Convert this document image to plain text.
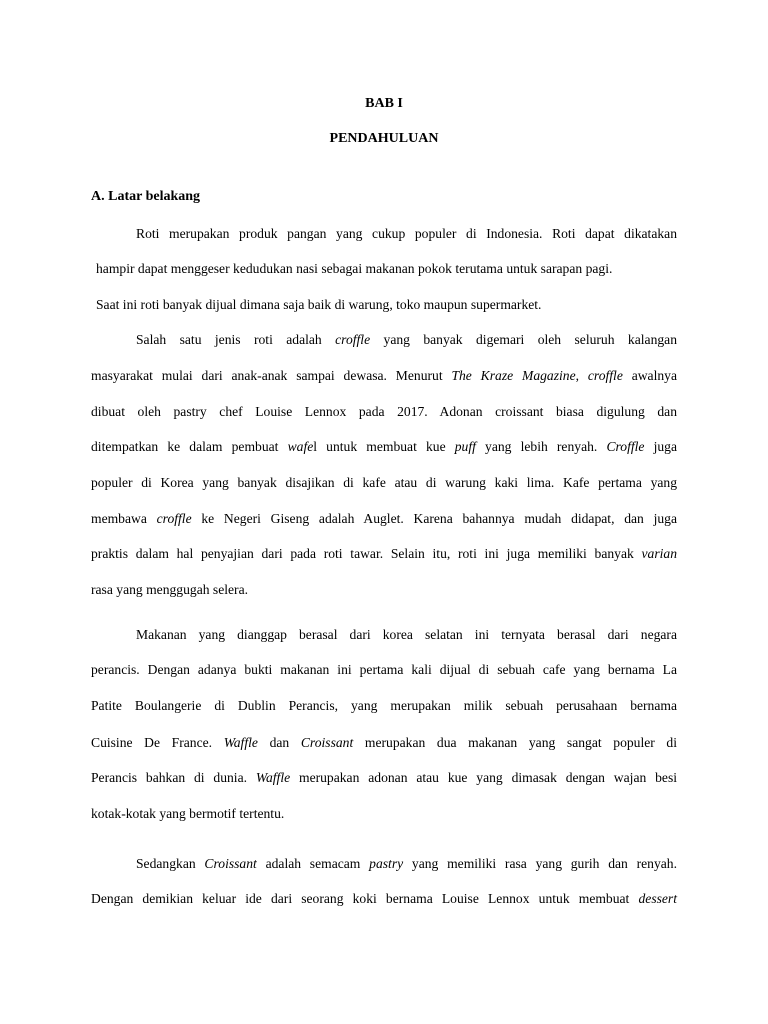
BAB I
PENDAHULUAN
A. Latar belakang

Roti merupakan produk pangan yang cukup populer di Indonesia. Roti dapat dikatakan

hampir dapat menggeser kedudukan nasi sebagai makanan pokok terutama untuk sarapan pagi.

Saat ini roti banyak dijual dimana saja baik di warung, toko maupun supermarket.

Salah satu jenis roti adalah croffle yang banyak digemari oleh seluruh kalangan

masyarakat mulai dari anak-anak sampai dewasa. Menurut The Kraze Magazine, croffle awalnya

dibuat oleh pastry chef Louise Lennox pada 2017. Adonan croissant biasa digulung dan

ditempatkan ke dalam pembuat wafel untuk membuat kue puff yang lebih renyah. Croffle juga

populer di Korea yang banyak disajikan di kafe atau di warung kaki lima. Kafe pertama yang

membawa croffle ke Negeri Giseng adalah Auglet. Karena bahannya mudah didapat, dan juga

praktis dalam hal penyajian dari pada roti tawar. Selain itu, roti ini juga memiliki banyak varian

rasa yang menggugah selera.

Makanan yang dianggap berasal dari korea selatan ini ternyata berasal dari negara

perancis. Dengan adanya bukti makanan ini pertama kali dijual di sebuah cafe yang bernama La

Patite Boulangerie di Dublin Perancis, yang merupakan milik sebuah perusahaan bernama

Cuisine De France. Waffle dan Croissant merupakan dua makanan yang sangat populer di

Perancis bahkan di dunia. Waffle merupakan adonan atau kue yang dimasak dengan wajan besi

kotak-kotak yang bermotif tertentu.

Sedangkan Croissant adalah semacam pastry yang memiliki rasa yang gurih dan renyah.

Dengan demikian keluar ide dari seorang koki bernama Louise Lennox untuk membuat dessert
